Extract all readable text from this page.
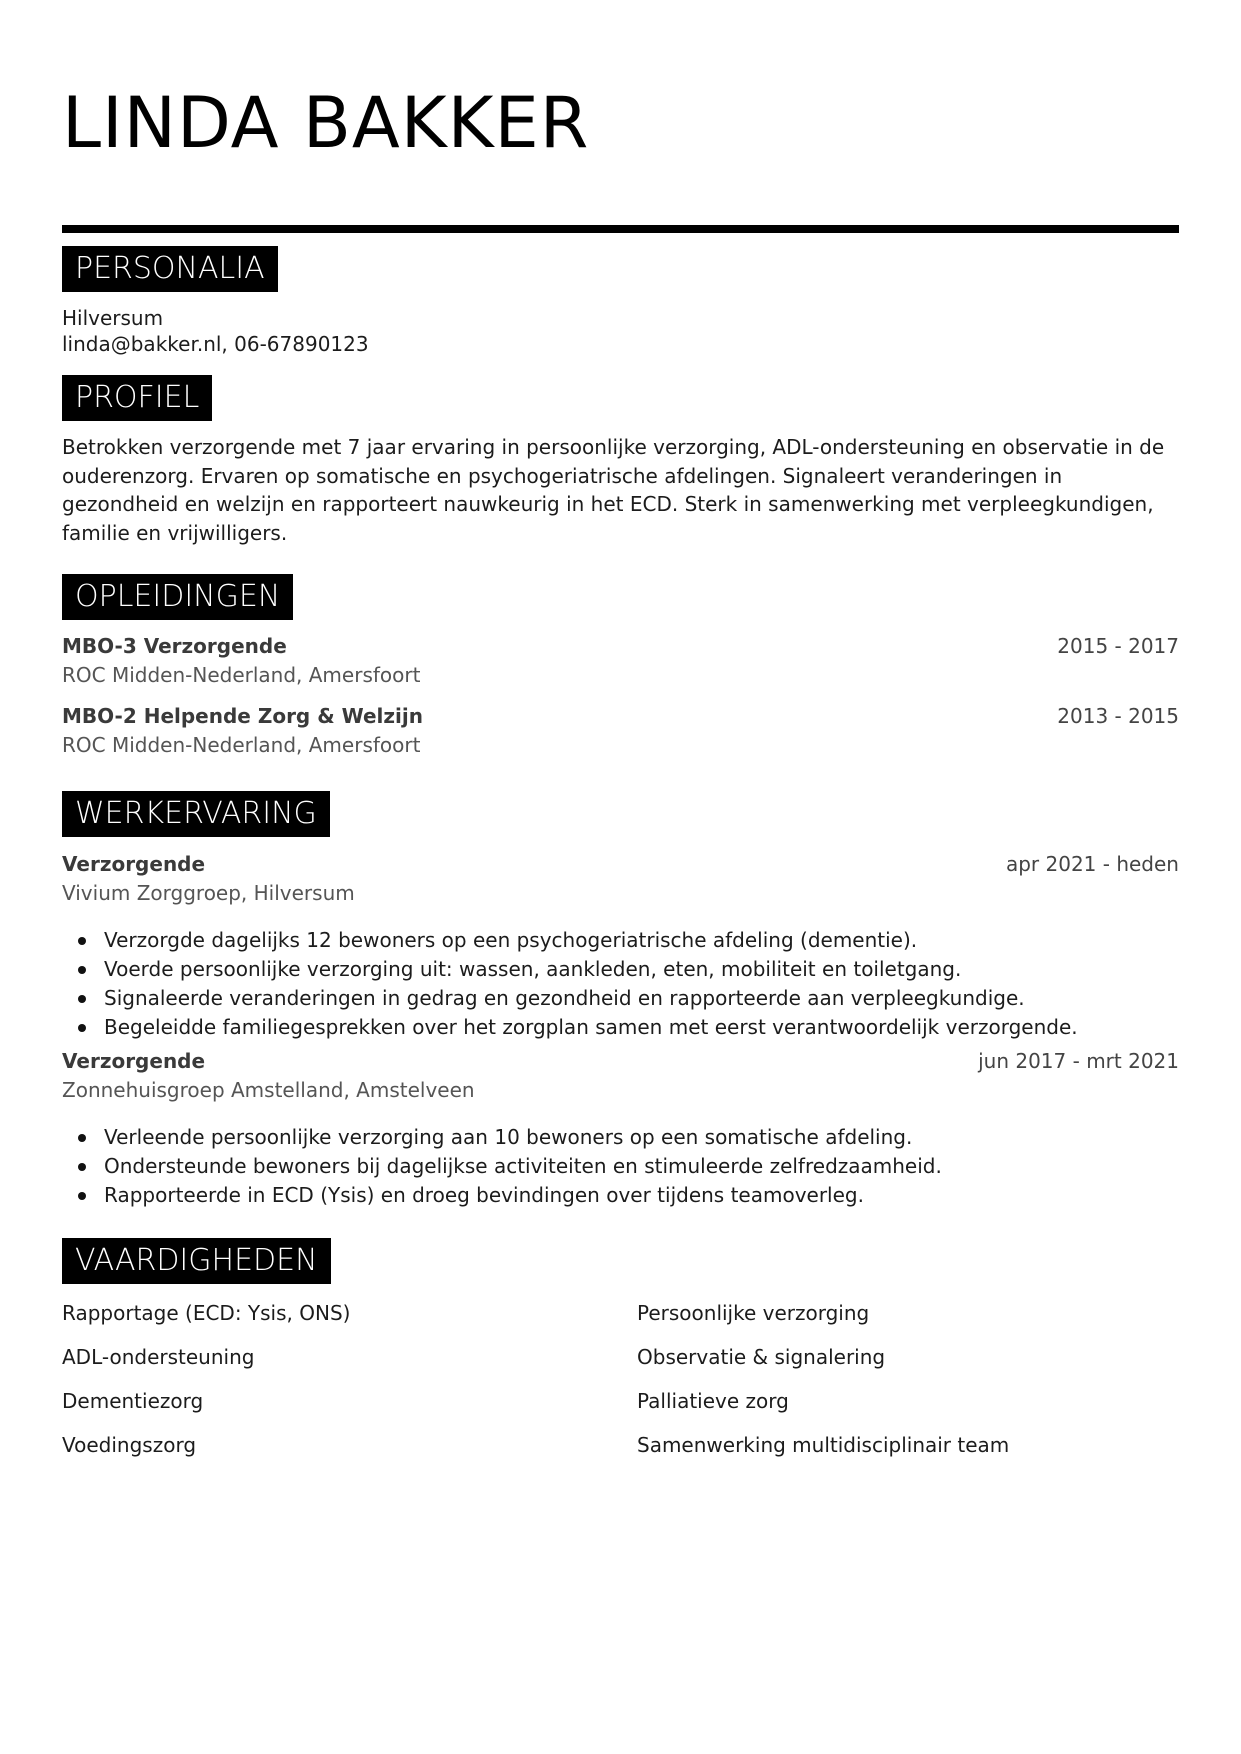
LINDA BAKKER
PERSONALIA
Hilversum
linda@bakker.nl, 06-67890123
PROFIEL
Betrokken verzorgende met 7 jaar ervaring in persoonlijke verzorging, ADL-ondersteuning en observatie in de ouderenzorg. Ervaren op somatische en psychogeriatrische afdelingen. Signaleert veranderingen in gezondheid en welzijn en rapporteert nauwkeurig in het ECD. Sterk in samenwerking met verpleegkundigen, familie en vrijwilligers.
OPLEIDINGEN
MBO-3 Verzorgende
ROC Midden-Nederland, Amersfoort
2015 - 2017
MBO-2 Helpende Zorg & Welzijn
ROC Midden-Nederland, Amersfoort
2013 - 2015
WERKERVARING
Verzorgende
Vivium Zorggroep, Hilversum
apr 2021 - heden
Verzorgde dagelijks 12 bewoners op een psychogeriatrische afdeling (dementie).
Voerde persoonlijke verzorging uit: wassen, aankleden, eten, mobiliteit en toiletgang.
Signaleerde veranderingen in gedrag en gezondheid en rapporteerde aan verpleegkundige.
Begeleidde familiegesprekken over het zorgplan samen met eerst verantwoordelijk verzorgende.
Verzorgende
Zonnehuisgroep Amstelland, Amstelveen
jun 2017 - mrt 2021
Verleende persoonlijke verzorging aan 10 bewoners op een somatische afdeling.
Ondersteunde bewoners bij dagelijkse activiteiten en stimuleerde zelfredzaamheid.
Rapporteerde in ECD (Ysis) en droeg bevindingen over tijdens teamoverleg.
VAARDIGHEDEN
Rapportage (ECD: Ysis, ONS)
ADL-ondersteuning
Dementiezorg
Voedingszorg
Persoonlijke verzorging
Observatie & signalering
Palliatieve zorg
Samenwerking multidisciplinair team
